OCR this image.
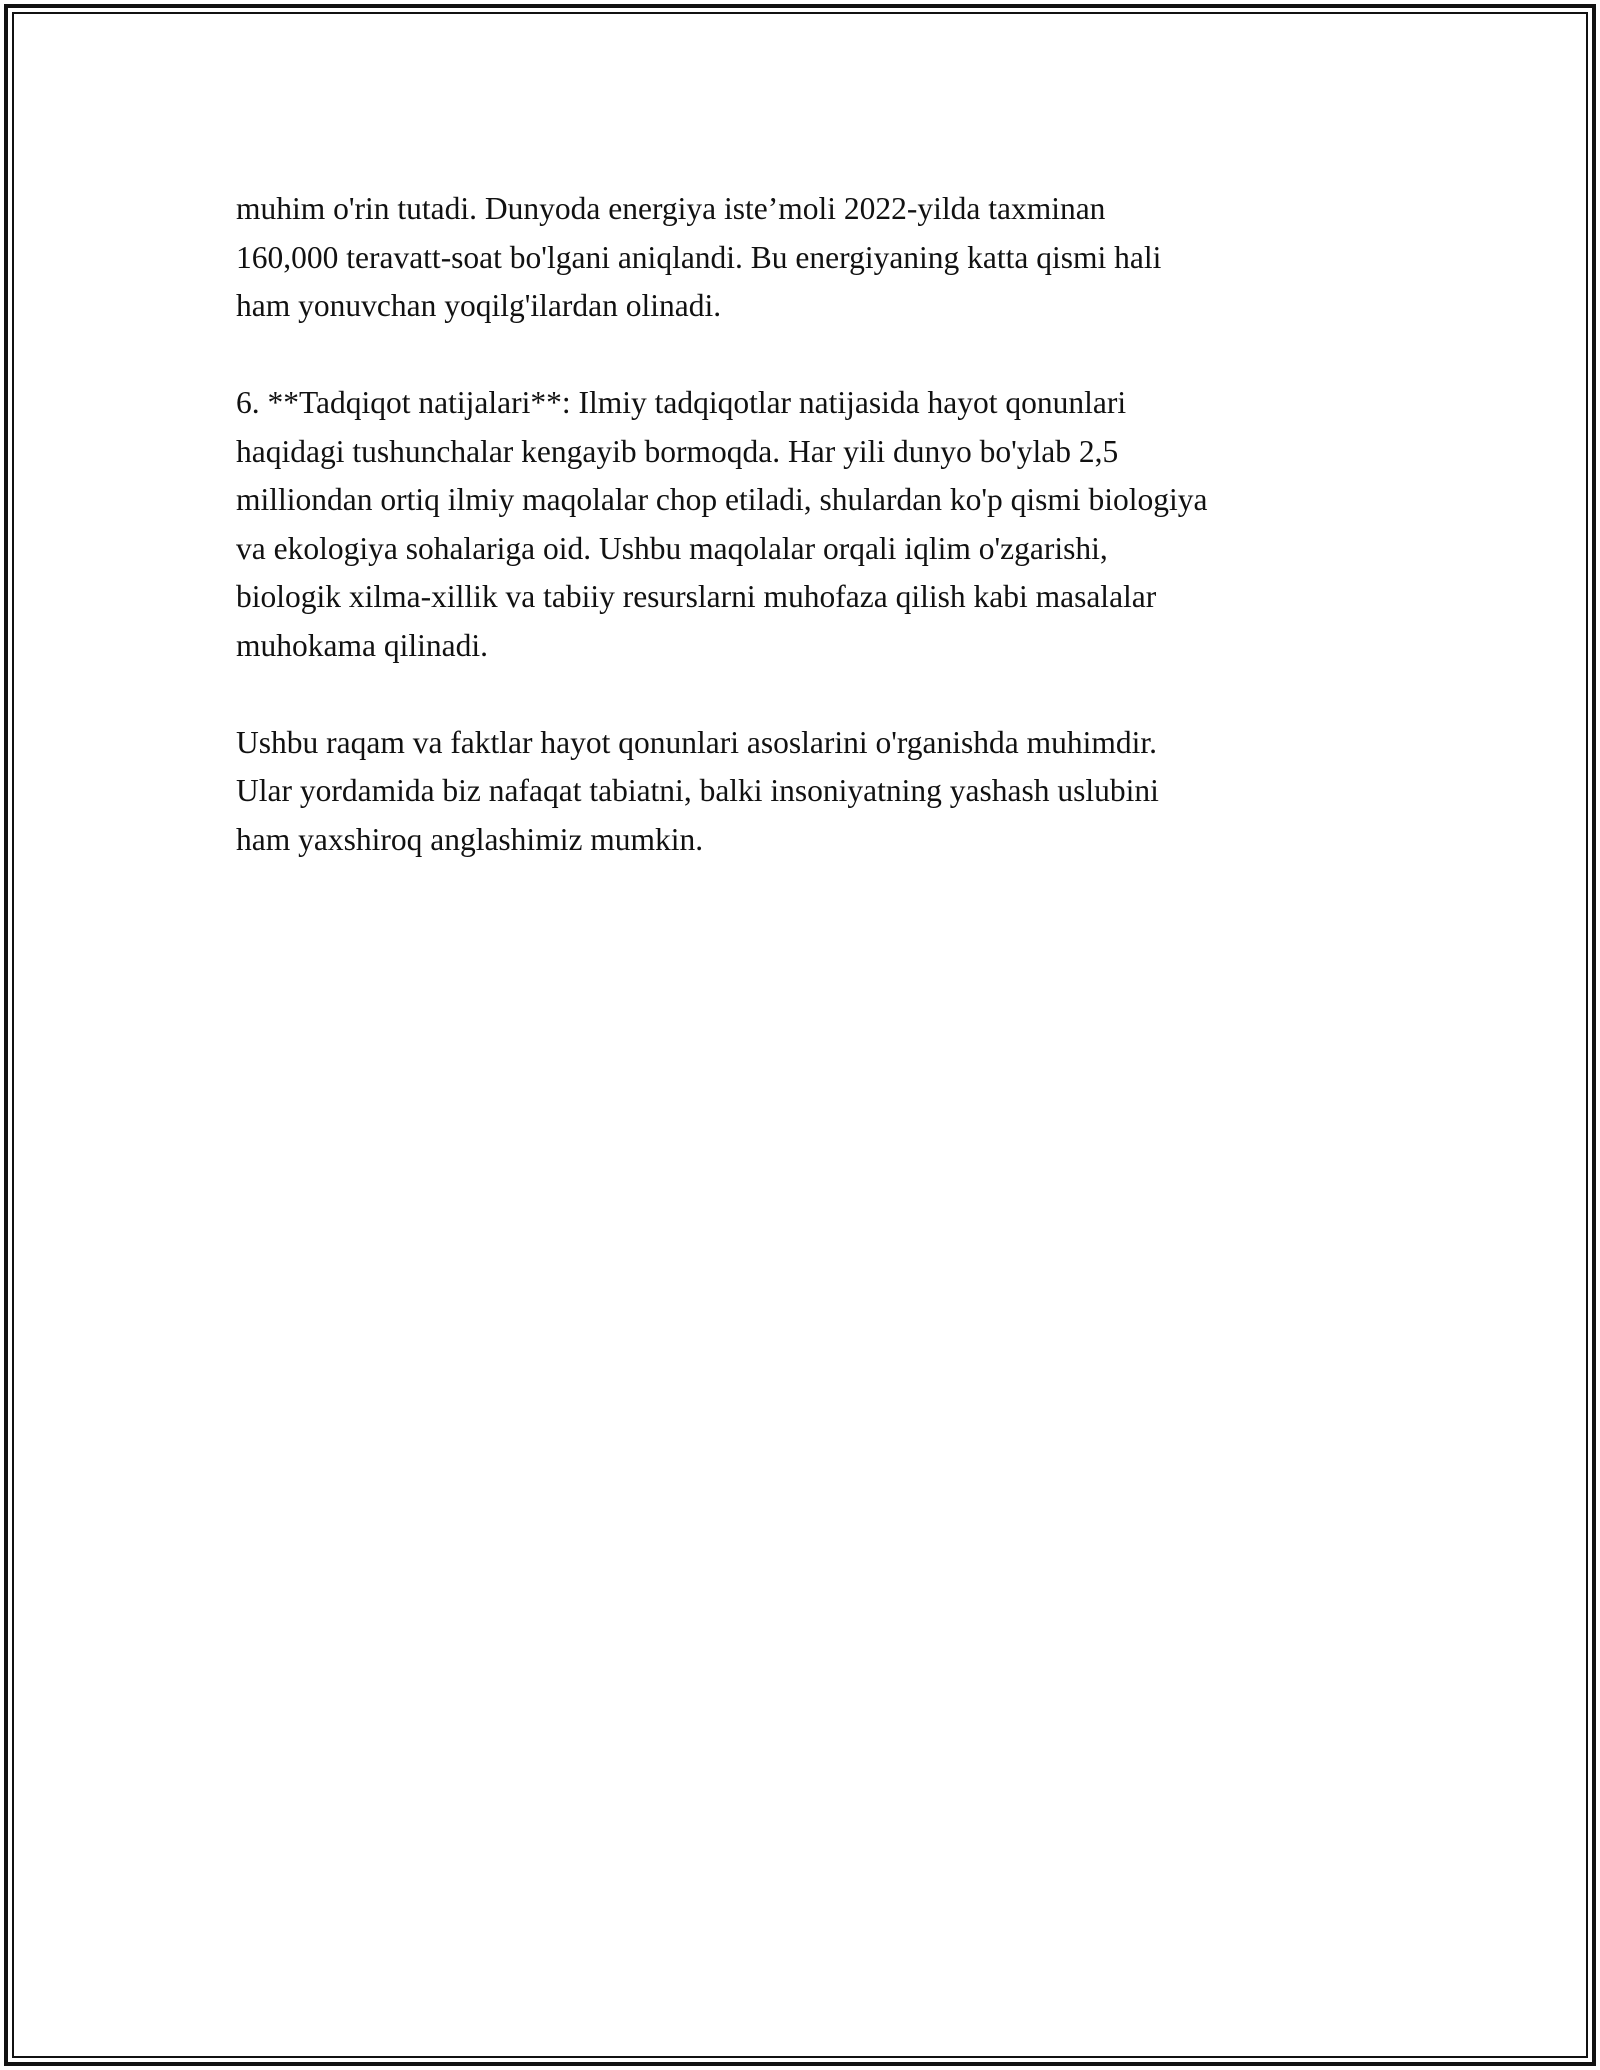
muhim o'rin tutadi. Dunyoda energiya iste’moli 2022-yilda taxminan
160,000 teravatt-soat bo'lgani aniqlandi. Bu energiyaning katta qismi hali
ham yonuvchan yoqilg'ilardan olinadi.

6. **Tadqiqot natijalari**: Ilmiy tadqiqotlar natijasida hayot qonunlari
haqidagi tushunchalar kengayib bormoqda. Har yili dunyo bo'ylab 2,5
milliondan ortiq ilmiy maqolalar chop etiladi, shulardan ko'p qismi biologiya
va ekologiya sohalariga oid. Ushbu maqolalar orqali iqlim o'zgarishi,
biologik xilma-xillik va tabiiy resurslarni muhofaza qilish kabi masalalar
muhokama qilinadi.

Ushbu raqam va faktlar hayot qonunlari asoslarini o'rganishda muhimdir.
Ular yordamida biz nafaqat tabiatni, balki insoniyatning yashash uslubini
ham yaxshiroq anglashimiz mumkin.
